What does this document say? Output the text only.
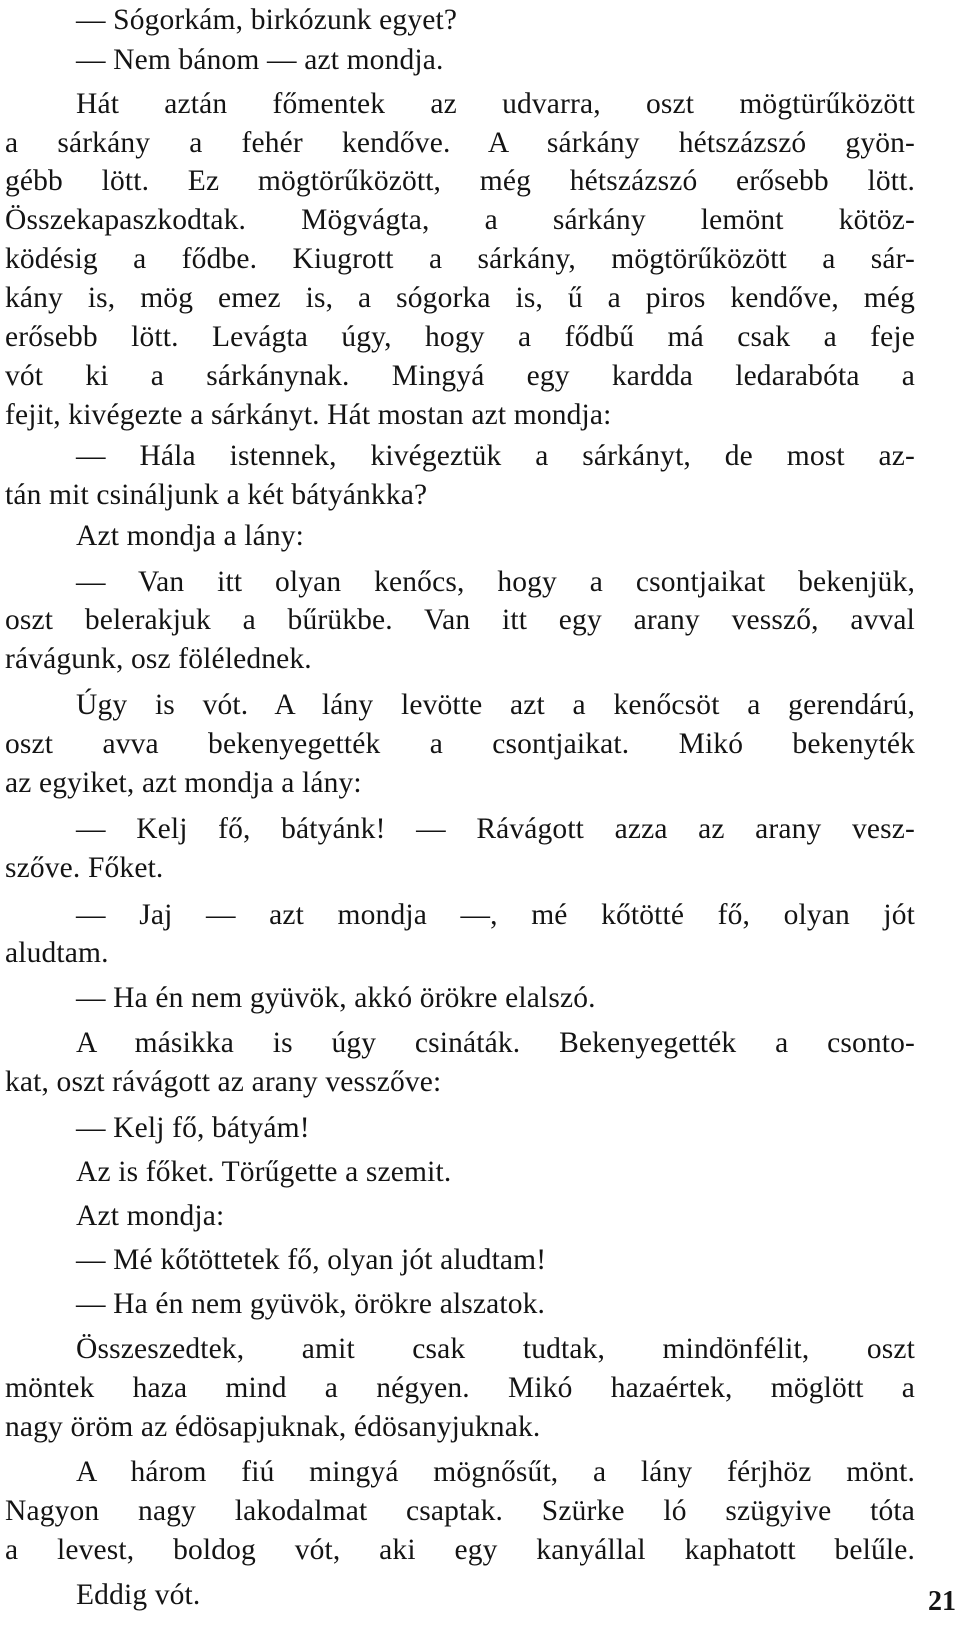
— Sógorkám, birkózunk egyet?
— Nem bánom — azt mondja.
Hát aztán főmentek az udvarra, oszt mögtürűközött
a sárkány a fehér kendőve. A sárkány hétszázszó gyön-
gébb lött. Ez mögtörűközött, még hétszázszó erősebb lött.
Összekapaszkodtak. Mögvágta, a sárkány lemönt kötöz-
ködésig a fődbe. Kiugrott a sárkány, mögtörűközött a sár-
kány is, mög emez is, a sógorka is, ű a piros kendőve, még
erősebb lött. Levágta úgy, hogy a fődbű má csak a feje
vót ki a sárkánynak. Mingyá egy kardda ledarabóta a
fejit, kivégezte a sárkányt. Hát mostan azt mondja:
— Hála istennek, kivégeztük a sárkányt, de most az-
tán mit csináljunk a két bátyánkka?
Azt mondja a lány:
— Van itt olyan kenőcs, hogy a csontjaikat bekenjük,
oszt belerakjuk a bűrükbe. Van itt egy arany vessző, avval
rávágunk, osz fölélednek.
Úgy is vót. A lány levötte azt a kenőcsöt a gerendárú,
oszt avva bekenyegették a csontjaikat. Mikó bekenyték
az egyiket, azt mondja a lány:
— Kelj fő, bátyánk! — Rávágott azza az arany vesz-
szőve. Főket.
— Jaj — azt mondja —, mé kőtötté fő, olyan jót
aludtam.
— Ha én nem gyüvök, akkó örökre elalszó.
A másikka is úgy csináták. Bekenyegették a csonto-
kat, oszt rávágott az arany vesszőve:
— Kelj fő, bátyám!
Az is főket. Törűgette a szemit.
Azt mondja:
— Mé kőtöttetek fő, olyan jót aludtam!
— Ha én nem gyüvök, örökre alszatok.
Összeszedtek, amit csak tudtak, mindönfélit, oszt
möntek haza mind a négyen. Mikó hazaértek, möglött a
nagy öröm az édösapjuknak, édösanyjuknak.
A három fiú mingyá mögnősűt, a lány férjhöz mönt.
Nagyon nagy lakodalmat csaptak. Szürke ló szügyive tóta
a levest, boldog vót, aki egy kanyállal kaphatott belűle.
Eddig vót.	21
